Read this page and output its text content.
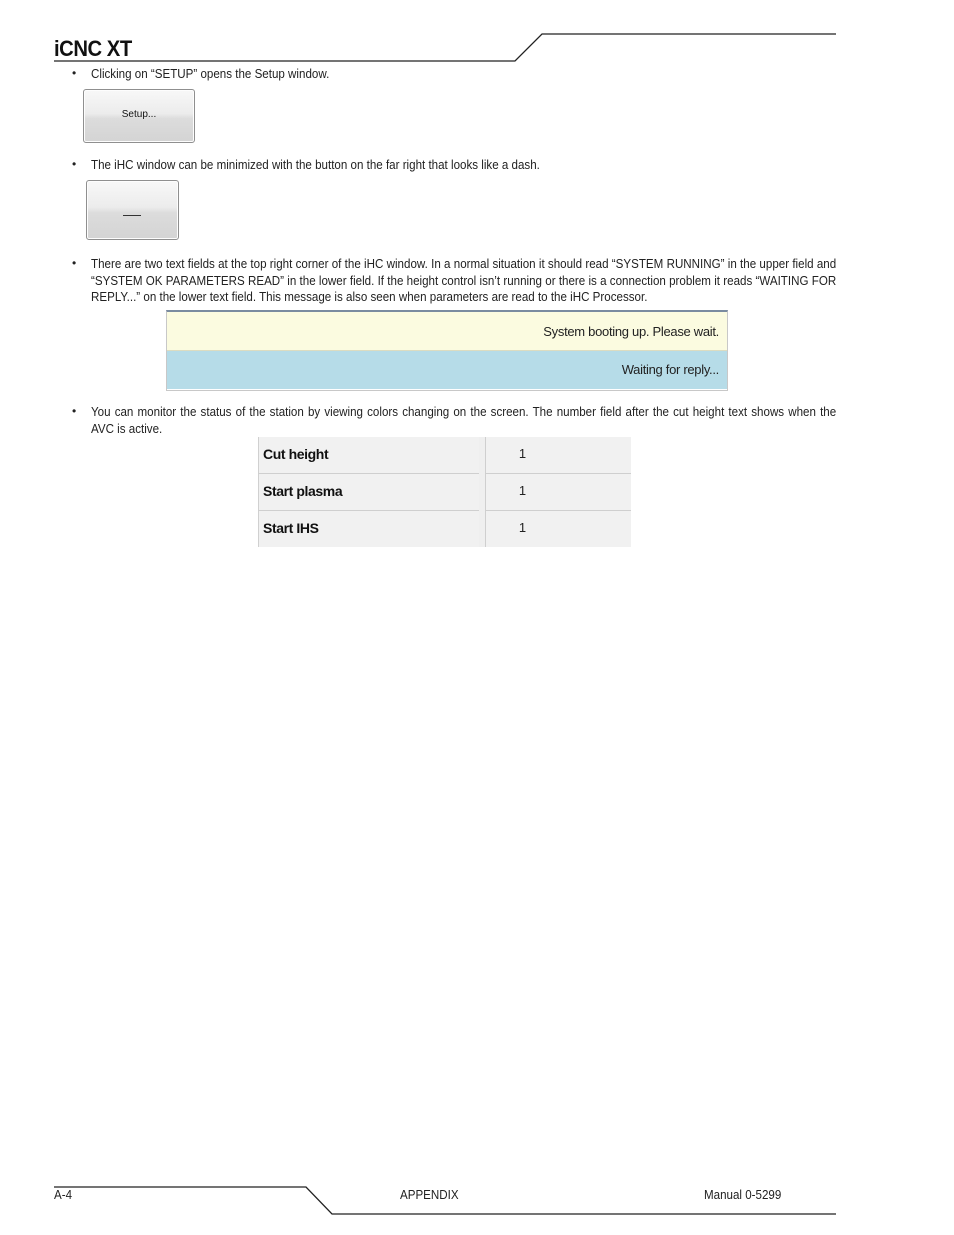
iCNC XT
• Clicking on “SETUP” opens the Setup window.
Setup...
• The iHC window can be minimized with the button on the far right that looks like a dash.
• There are two text fields at the top right corner of the iHC window. In a normal situation it should read “SYSTEM RUNNING” in the upper field and “SYSTEM OK PARAMETERS READ” in the lower field. If the height control isn’t running or there is a connection problem it reads “WAITING FOR REPLY...” on the lower text field. This message is also seen when parameters are read to the iHC Processor.
System booting up. Please wait.
Waiting for reply...
• You can monitor the status of the station by viewing colors changing on the screen. The number field after the cut height text shows when the AVC is active.
Cut height	1
Start plasma	1
Start IHS	1
A-4	APPENDIX	Manual 0-5299
